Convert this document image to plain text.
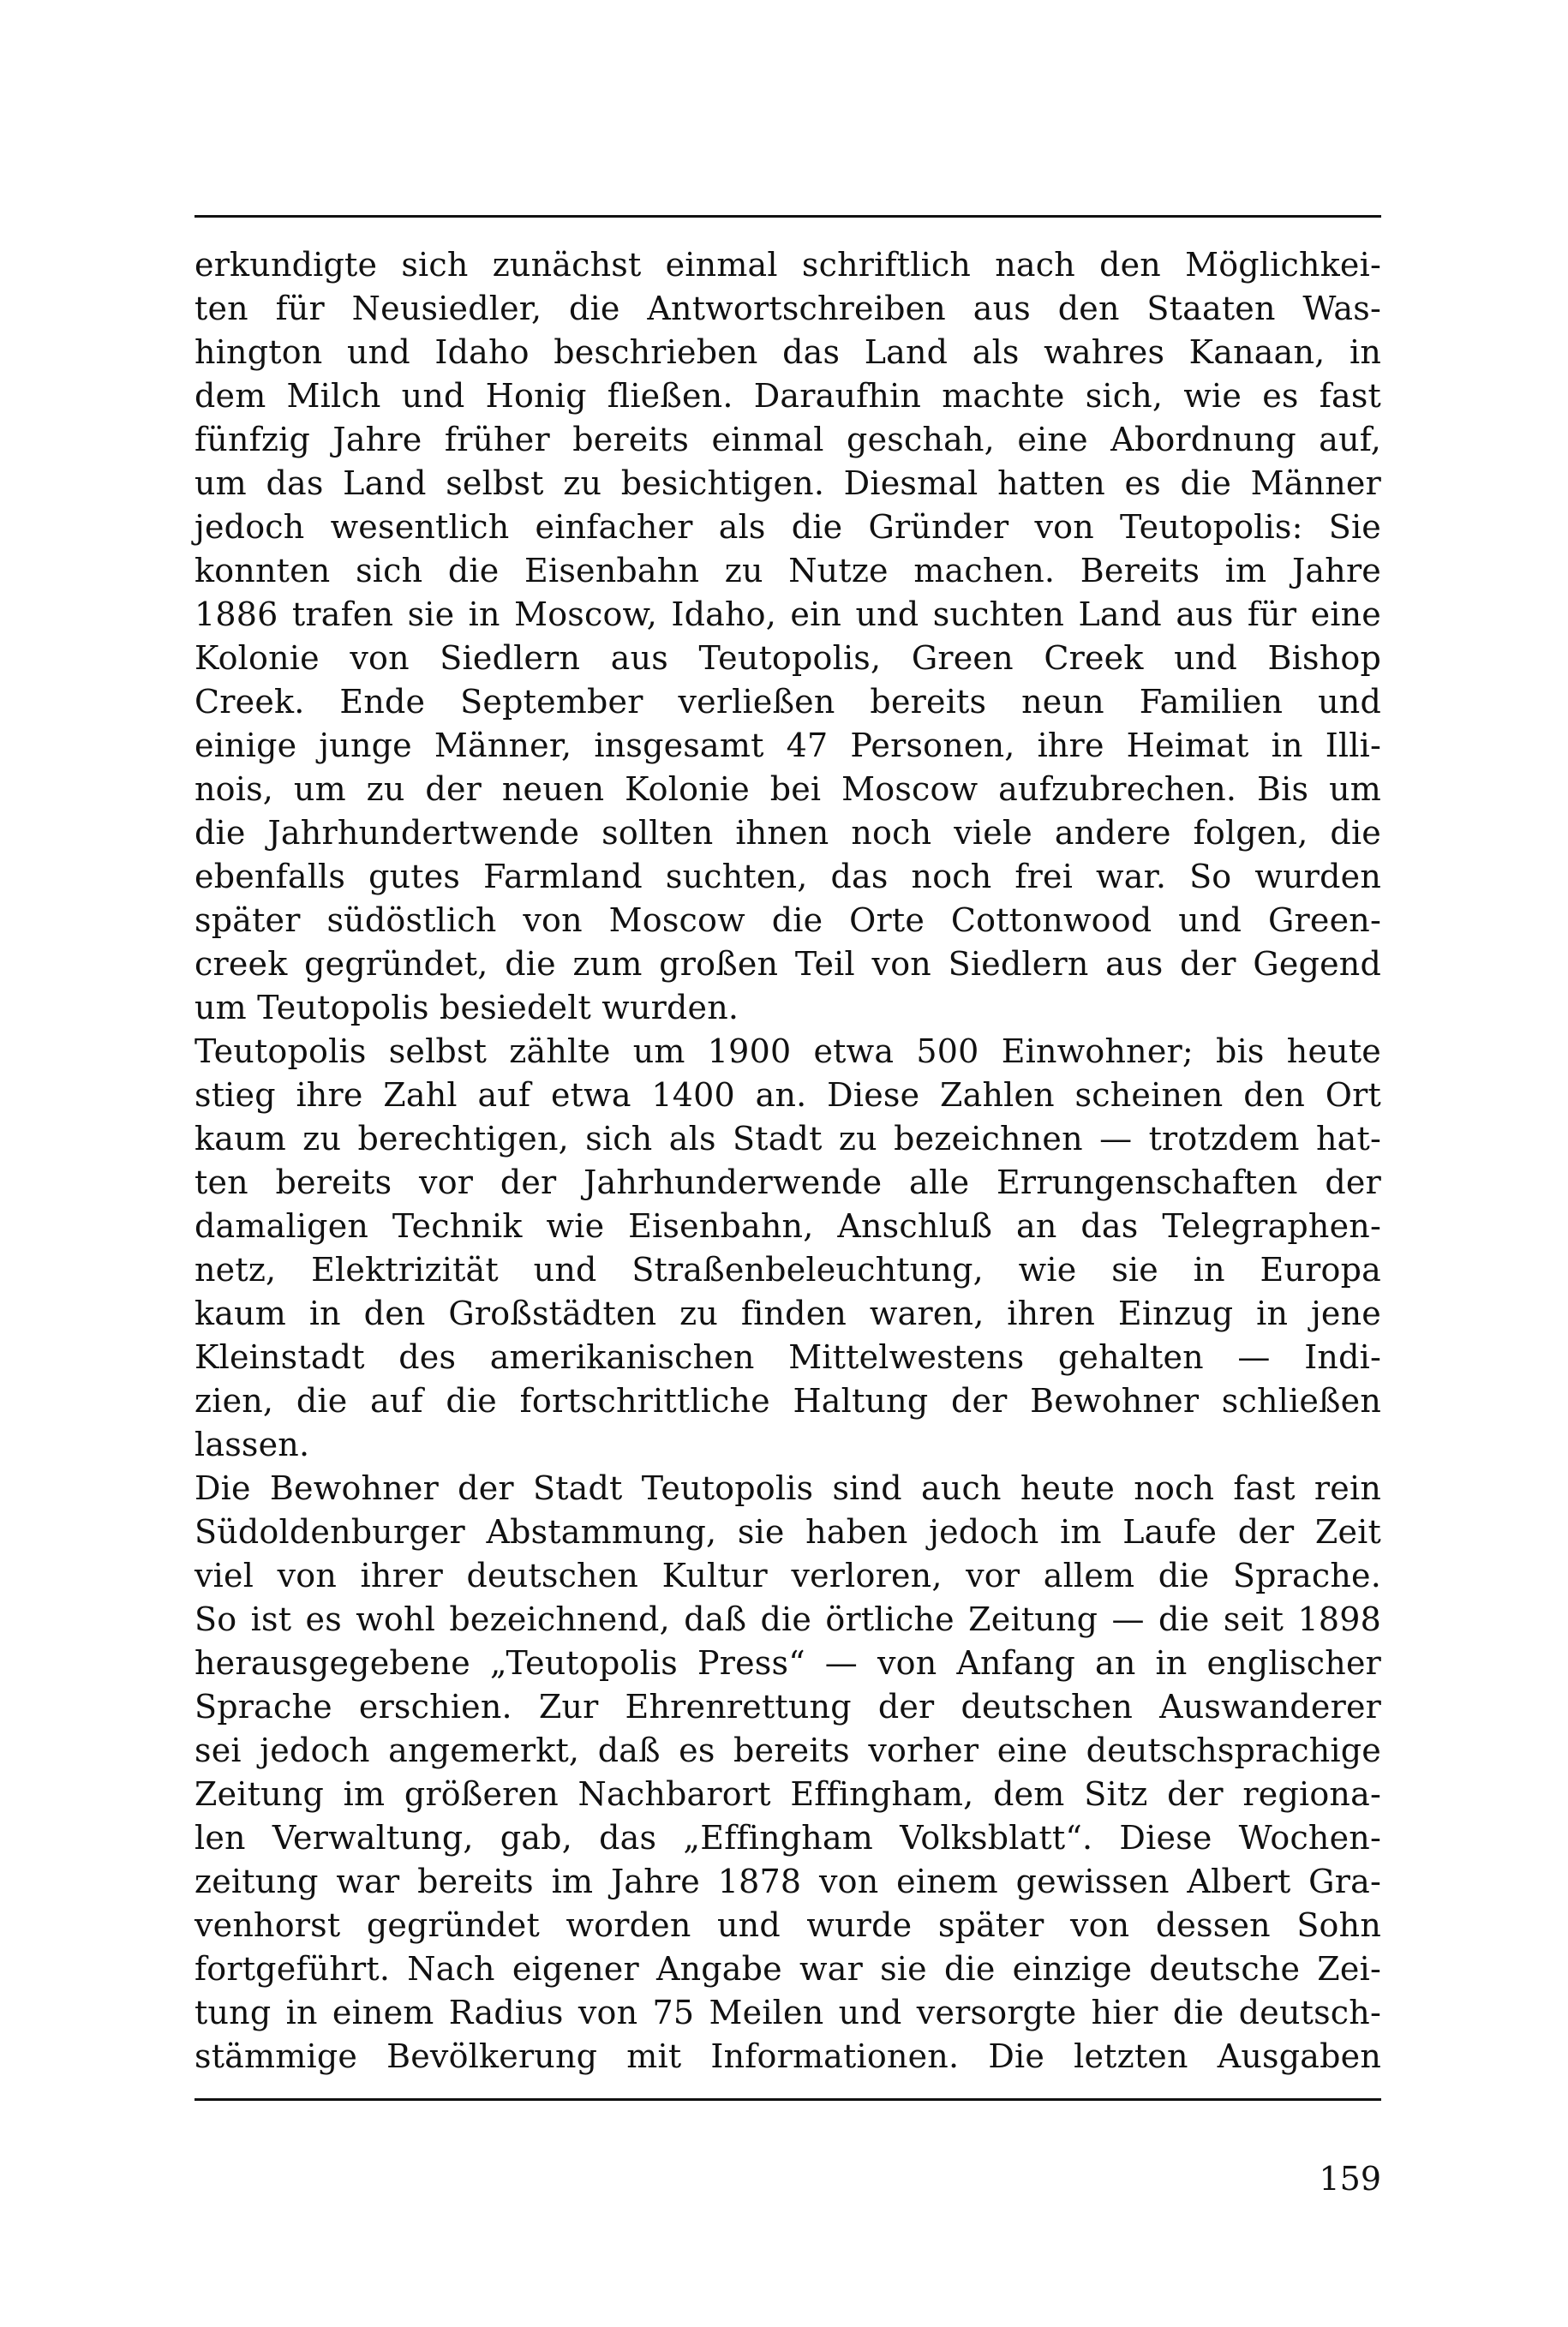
erkundigte sich zunächst einmal schriftlich nach den Möglichkei-
ten für Neusiedler, die Antwortschreiben aus den Staaten Was-
hington und Idaho beschrieben das Land als wahres Kanaan, in
dem Milch und Honig fließen. Daraufhin machte sich, wie es fast
fünfzig Jahre früher bereits einmal geschah, eine Abordnung auf,
um das Land selbst zu besichtigen. Diesmal hatten es die Männer
jedoch wesentlich einfacher als die Gründer von Teutopolis: Sie
konnten sich die Eisenbahn zu Nutze machen. Bereits im Jahre
1886 trafen sie in Moscow, Idaho, ein und suchten Land aus für eine
Kolonie von Siedlern aus Teutopolis, Green Creek und Bishop
Creek. Ende September verließen bereits neun Familien und
einige junge Männer, insgesamt 47 Personen, ihre Heimat in Illi-
nois, um zu der neuen Kolonie bei Moscow aufzubrechen. Bis um
die Jahrhundertwende sollten ihnen noch viele andere folgen, die
ebenfalls gutes Farmland suchten, das noch frei war. So wurden
später südöstlich von Moscow die Orte Cottonwood und Green-
creek gegründet, die zum großen Teil von Siedlern aus der Gegend
um Teutopolis besiedelt wurden.
Teutopolis selbst zählte um 1900 etwa 500 Einwohner; bis heute
stieg ihre Zahl auf etwa 1400 an. Diese Zahlen scheinen den Ort
kaum zu berechtigen, sich als Stadt zu bezeichnen — trotzdem hat-
ten bereits vor der Jahrhunderwende alle Errungenschaften der
damaligen Technik wie Eisenbahn, Anschluß an das Telegraphen-
netz, Elektrizität und Straßenbeleuchtung, wie sie in Europa
kaum in den Großstädten zu finden waren, ihren Einzug in jene
Kleinstadt des amerikanischen Mittelwestens gehalten — Indi-
zien, die auf die fortschrittliche Haltung der Bewohner schließen
lassen.
Die Bewohner der Stadt Teutopolis sind auch heute noch fast rein
Südoldenburger Abstammung, sie haben jedoch im Laufe der Zeit
viel von ihrer deutschen Kultur verloren, vor allem die Sprache.
So ist es wohl bezeichnend, daß die örtliche Zeitung — die seit 1898
herausgegebene „Teutopolis Press“ — von Anfang an in englischer
Sprache erschien. Zur Ehrenrettung der deutschen Auswanderer
sei jedoch angemerkt, daß es bereits vorher eine deutschsprachige
Zeitung im größeren Nachbarort Effingham, dem Sitz der regiona-
len Verwaltung, gab, das „Effingham Volksblatt“. Diese Wochen-
zeitung war bereits im Jahre 1878 von einem gewissen Albert Gra-
venhorst gegründet worden und wurde später von dessen Sohn
fortgeführt. Nach eigener Angabe war sie die einzige deutsche Zei-
tung in einem Radius von 75 Meilen und versorgte hier die deutsch-
stämmige Bevölkerung mit Informationen. Die letzten Ausgaben
159
